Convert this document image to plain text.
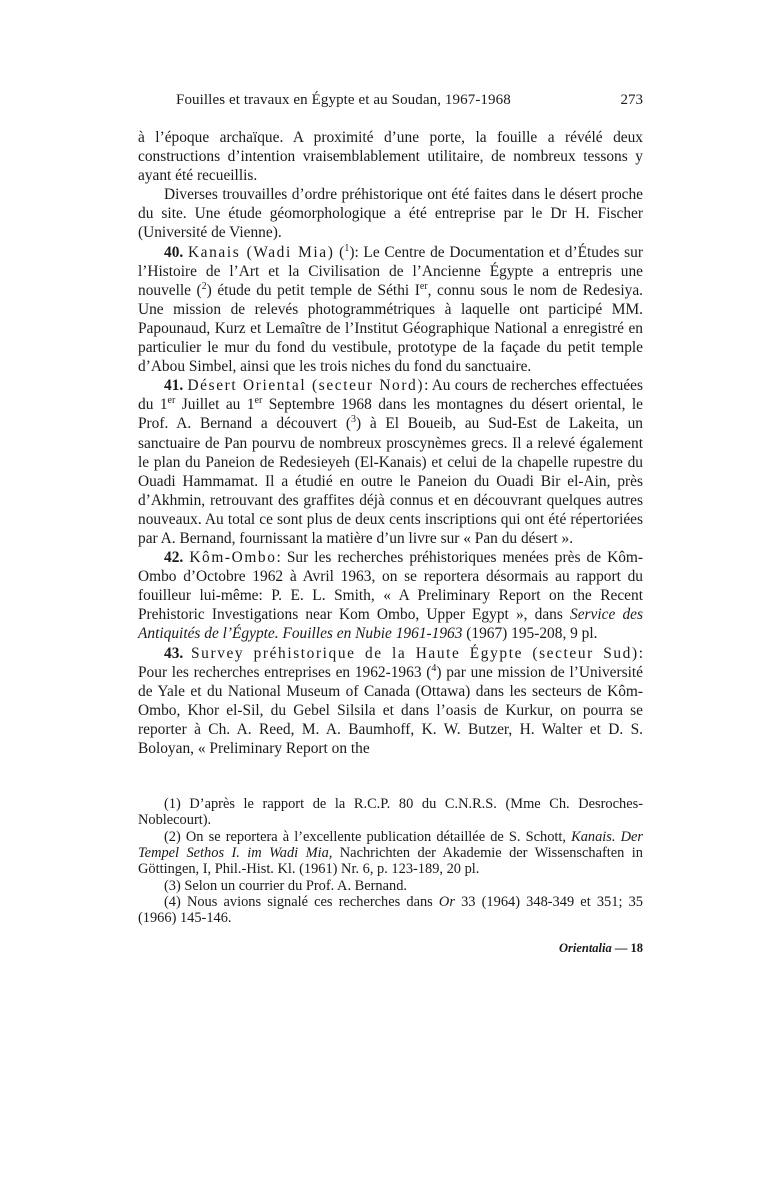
Fouilles et travaux en Égypte et au Soudan, 1967-1968	273

à l’époque archaïque. A proximité d’une porte, la fouille a révélé deux constructions d’intention vraisemblablement utilitaire, de nombreux tessons y ayant été recueillis.

Diverses trouvailles d’ordre préhistorique ont été faites dans le désert proche du site. Une étude géomorphologique a été entreprise par le Dr H. Fischer (Université de Vienne).

40. Kanais (Wadi Mia) ($^1$): Le Centre de Documentation et d’Études sur l’Histoire de l’Art et la Civilisation de l’Ancienne Égypte a entrepris une nouvelle ($^2$) étude du petit temple de Séthi Ier, connu sous le nom de Redesiya. Une mission de relevés photogrammétriques à laquelle ont participé MM. Papounaud, Kurz et Lemaître de l’Institut Géographique National a enregistré en particulier le mur du fond du vestibule, prototype de la façade du petit temple d’Abou Simbel, ainsi que les trois niches du fond du sanctuaire.

41. Désert Oriental (secteur Nord): Au cours de recherches effectuées du 1er Juillet au 1er Septembre 1968 dans les montagnes du désert oriental, le Prof. A. Bernand a découvert ($^3$) à El Boueib, au Sud-Est de Lakeita, un sanctuaire de Pan pourvu de nombreux proscynèmes grecs. Il a relevé également le plan du Paneion de Redesieyeh (El-Kanais) et celui de la chapelle rupestre du Ouadi Hammamat. Il a étudié en outre le Paneion du Ouadi Bir el-Ain, près d’Akhmin, retrouvant des graffites déjà connus et en découvrant quelques autres nouveaux. Au total ce sont plus de deux cents inscriptions qui ont été répertoriées par A. Bernand, fournissant la matière d’un livre sur « Pan du désert ».

42. Kôm-Ombo: Sur les recherches préhistoriques menées près de Kôm-Ombo d’Octobre 1962 à Avril 1963, on se reportera désormais au rapport du fouilleur lui-même: P. E. L. Smith, « A Preliminary Report on the Recent Prehistoric Investigations near Kom Ombo, Upper Egypt », dans Service des Antiquités de l’Égypte. Fouilles en Nubie 1961-1963 (1967) 195-208, 9 pl.

43. Survey préhistorique de la Haute Égypte (secteur Sud): Pour les recherches entreprises en 1962-1963 ($^4$) par une mission de l’Université de Yale et du National Museum of Canada (Ottawa) dans les secteurs de Kôm-Ombo, Khor el-Sil, du Gebel Silsila et dans l’oasis de Kurkur, on pourra se reporter à Ch. A. Reed, M. A. Baumhoff, K. W. Butzer, H. Walter et D. S. Boloyan, « Preliminary Report on the

(1) D’après le rapport de la R.C.P. 80 du C.N.R.S. (Mme Ch. Desroches-Noblecourt).

(2) On se reportera à l’excellente publication détaillée de S. Schott, Kanais. Der Tempel Sethos I. im Wadi Mia, Nachrichten der Akademie der Wissenschaften in Göttingen, I, Phil.-Hist. Kl. (1961) Nr. 6, p. 123-189, 20 pl.

(3) Selon un courrier du Prof. A. Bernand.

(4) Nous avions signalé ces recherches dans Or 33 (1964) 348-349 et 351; 35 (1966) 145-146.

Orientalia — 18
